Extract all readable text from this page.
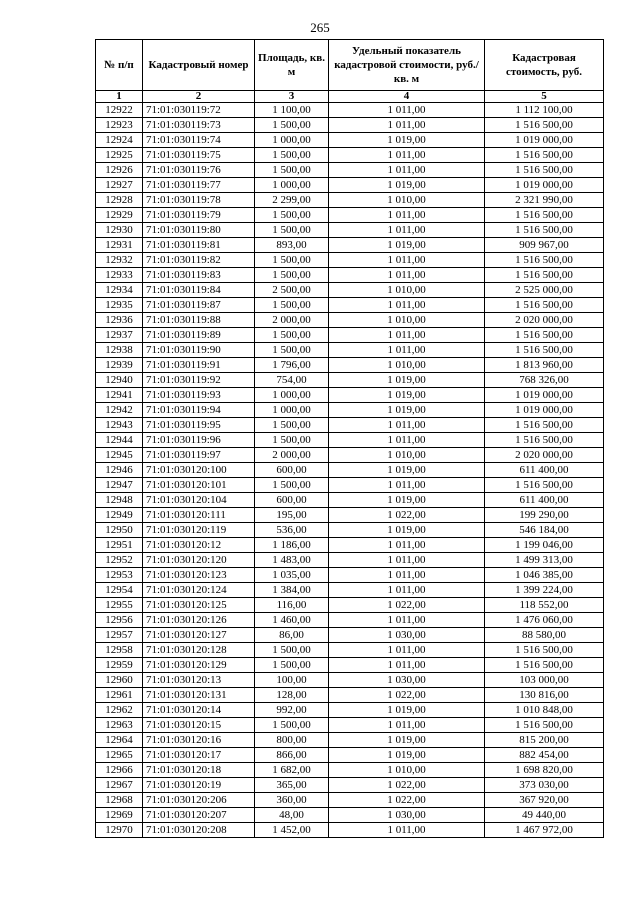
265
№ п/п	Кадастровый номер	Площадь, кв. м	Удельный показатель кадастровой стоимости, руб./кв. м	Кадастровая стоимость, руб.
1	2	3	4	5
12922	71:01:030119:72	1 100,00	1 011,00	1 112 100,00
12923	71:01:030119:73	1 500,00	1 011,00	1 516 500,00
12924	71:01:030119:74	1 000,00	1 019,00	1 019 000,00
12925	71:01:030119:75	1 500,00	1 011,00	1 516 500,00
12926	71:01:030119:76	1 500,00	1 011,00	1 516 500,00
12927	71:01:030119:77	1 000,00	1 019,00	1 019 000,00
12928	71:01:030119:78	2 299,00	1 010,00	2 321 990,00
12929	71:01:030119:79	1 500,00	1 011,00	1 516 500,00
12930	71:01:030119:80	1 500,00	1 011,00	1 516 500,00
12931	71:01:030119:81	893,00	1 019,00	909 967,00
12932	71:01:030119:82	1 500,00	1 011,00	1 516 500,00
12933	71:01:030119:83	1 500,00	1 011,00	1 516 500,00
12934	71:01:030119:84	2 500,00	1 010,00	2 525 000,00
12935	71:01:030119:87	1 500,00	1 011,00	1 516 500,00
12936	71:01:030119:88	2 000,00	1 010,00	2 020 000,00
12937	71:01:030119:89	1 500,00	1 011,00	1 516 500,00
12938	71:01:030119:90	1 500,00	1 011,00	1 516 500,00
12939	71:01:030119:91	1 796,00	1 010,00	1 813 960,00
12940	71:01:030119:92	754,00	1 019,00	768 326,00
12941	71:01:030119:93	1 000,00	1 019,00	1 019 000,00
12942	71:01:030119:94	1 000,00	1 019,00	1 019 000,00
12943	71:01:030119:95	1 500,00	1 011,00	1 516 500,00
12944	71:01:030119:96	1 500,00	1 011,00	1 516 500,00
12945	71:01:030119:97	2 000,00	1 010,00	2 020 000,00
12946	71:01:030120:100	600,00	1 019,00	611 400,00
12947	71:01:030120:101	1 500,00	1 011,00	1 516 500,00
12948	71:01:030120:104	600,00	1 019,00	611 400,00
12949	71:01:030120:111	195,00	1 022,00	199 290,00
12950	71:01:030120:119	536,00	1 019,00	546 184,00
12951	71:01:030120:12	1 186,00	1 011,00	1 199 046,00
12952	71:01:030120:120	1 483,00	1 011,00	1 499 313,00
12953	71:01:030120:123	1 035,00	1 011,00	1 046 385,00
12954	71:01:030120:124	1 384,00	1 011,00	1 399 224,00
12955	71:01:030120:125	116,00	1 022,00	118 552,00
12956	71:01:030120:126	1 460,00	1 011,00	1 476 060,00
12957	71:01:030120:127	86,00	1 030,00	88 580,00
12958	71:01:030120:128	1 500,00	1 011,00	1 516 500,00
12959	71:01:030120:129	1 500,00	1 011,00	1 516 500,00
12960	71:01:030120:13	100,00	1 030,00	103 000,00
12961	71:01:030120:131	128,00	1 022,00	130 816,00
12962	71:01:030120:14	992,00	1 019,00	1 010 848,00
12963	71:01:030120:15	1 500,00	1 011,00	1 516 500,00
12964	71:01:030120:16	800,00	1 019,00	815 200,00
12965	71:01:030120:17	866,00	1 019,00	882 454,00
12966	71:01:030120:18	1 682,00	1 010,00	1 698 820,00
12967	71:01:030120:19	365,00	1 022,00	373 030,00
12968	71:01:030120:206	360,00	1 022,00	367 920,00
12969	71:01:030120:207	48,00	1 030,00	49 440,00
12970	71:01:030120:208	1 452,00	1 011,00	1 467 972,00
